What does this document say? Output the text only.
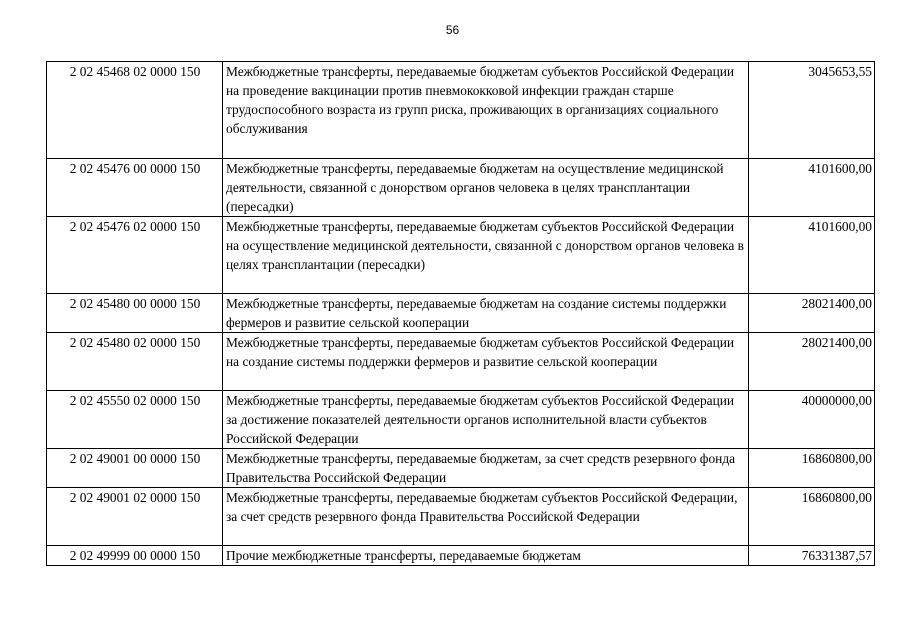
56
2 02 45468 02 0000 150	Межбюджетные трансферты, передаваемые бюджетам субъектов Российской Федерации на проведение вакцинации против пневмококковой инфекции граждан старше трудоспособного возраста из групп риска, проживающих в организациях социального обслуживания	3045653,55
2 02 45476 00 0000 150	Межбюджетные трансферты, передаваемые бюджетам на осуществление медицинской деятельности, связанной с донорством органов человека в целях трансплантации (пересадки)	4101600,00
2 02 45476 02 0000 150	Межбюджетные трансферты, передаваемые бюджетам субъектов Российской Федерации на осуществление медицинской деятельности, связанной с донорством органов человека в целях трансплантации (пересадки)	4101600,00
2 02 45480 00 0000 150	Межбюджетные трансферты, передаваемые бюджетам на создание системы поддержки фермеров и развитие сельской кооперации	28021400,00
2 02 45480 02 0000 150	Межбюджетные трансферты, передаваемые бюджетам субъектов Российской Федерации на создание системы поддержки фермеров и развитие сельской кооперации	28021400,00
2 02 45550 02 0000 150	Межбюджетные трансферты, передаваемые бюджетам субъектов Российской Федерации за достижение показателей деятельности органов исполнительной власти субъектов Российской Федерации	40000000,00
2 02 49001 00 0000 150	Межбюджетные трансферты, передаваемые бюджетам, за счет средств резервного фонда Правительства Российской Федерации	16860800,00
2 02 49001 02 0000 150	Межбюджетные трансферты, передаваемые бюджетам субъектов Российской Федерации, за счет средств резервного фонда Правительства Российской Федерации	16860800,00
2 02 49999 00 0000 150	Прочие межбюджетные трансферты, передаваемые бюджетам	76331387,57
